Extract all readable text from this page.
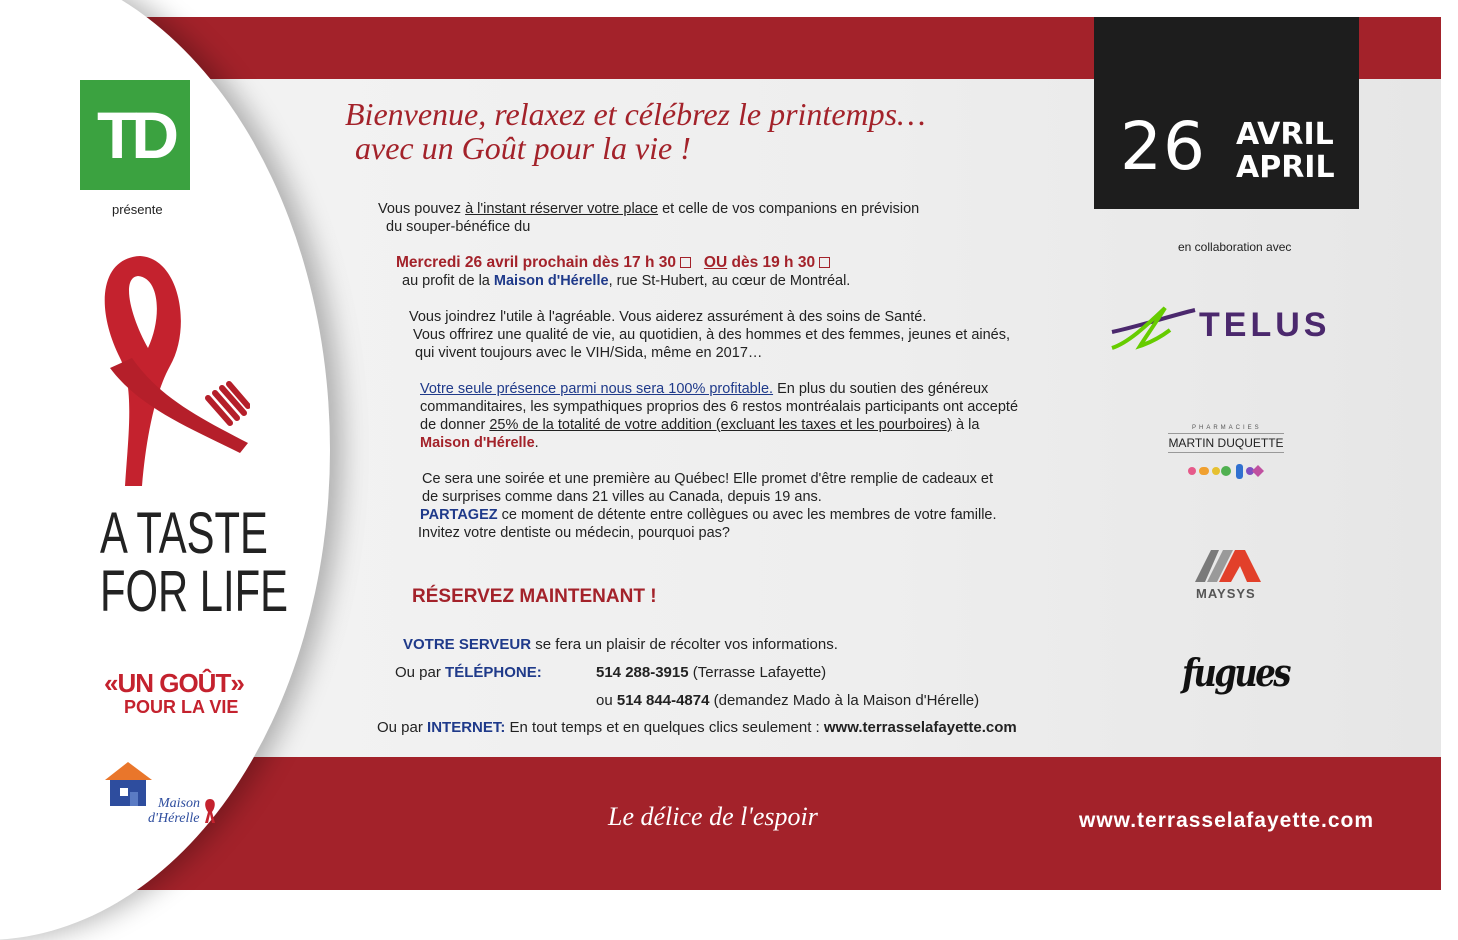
26 AVRIL
APRIL
TD
présente
A TASTE
FOR LIFE
«UN GOÛT»
POUR LA VIE
Maison
d'Hérelle
Bienvenue, relaxez et célébrez le printemps…
avec un Goût pour la vie !

Vous pouvez à l'instant réserver votre place et celle de vos companions en prévision

du souper-bénéfice du

Mercredi 26 avril prochain dès 17 h 30 OU dès 19 h 30

au profit de la Maison d'Hérelle, rue St-Hubert, au cœur de Montréal.

Vous joindrez l'utile à l'agréable. Vous aiderez assurément à des soins de Santé.

Vous offrirez une qualité de vie, au quotidien, à des hommes et des femmes, jeunes et ainés,

qui vivent toujours avec le VIH/Sida, même en 2017…

Votre seule présence parmi nous sera 100% profitable. En plus du soutien des généreux

commanditaires, les sympathiques proprios des 6 restos montréalais participants ont accepté

de donner 25% de la totalité de votre addition (excluant les taxes et les pourboires) à la

Maison d'Hérelle.

Ce sera une soirée et une première au Québec! Elle promet d'être remplie de cadeaux et

de surprises comme dans 21 villes au Canada, depuis 19 ans.

PARTAGEZ ce moment de détente entre collègues ou avec les membres de votre famille.

Invitez votre dentiste ou médecin, pourquoi pas?

RÉSERVEZ MAINTENANT !
VOTRE SERVEUR se fera un plaisir de récolter vos informations.
Ou par TÉLÉPHONE:	514 288-3915 (Terrasse Lafayette)
ou 514 844-4874 (demandez Mado à la Maison d'Hérelle)
Ou par INTERNET: En tout temps et en quelques clics seulement : www.terrasselafayette.com
en collaboration avec
TELUS
PHARMACIES
MARTIN DUQUETTE
MAYSYS
fugues
Le délice de l'espoir	www.terrasselafayette.com
